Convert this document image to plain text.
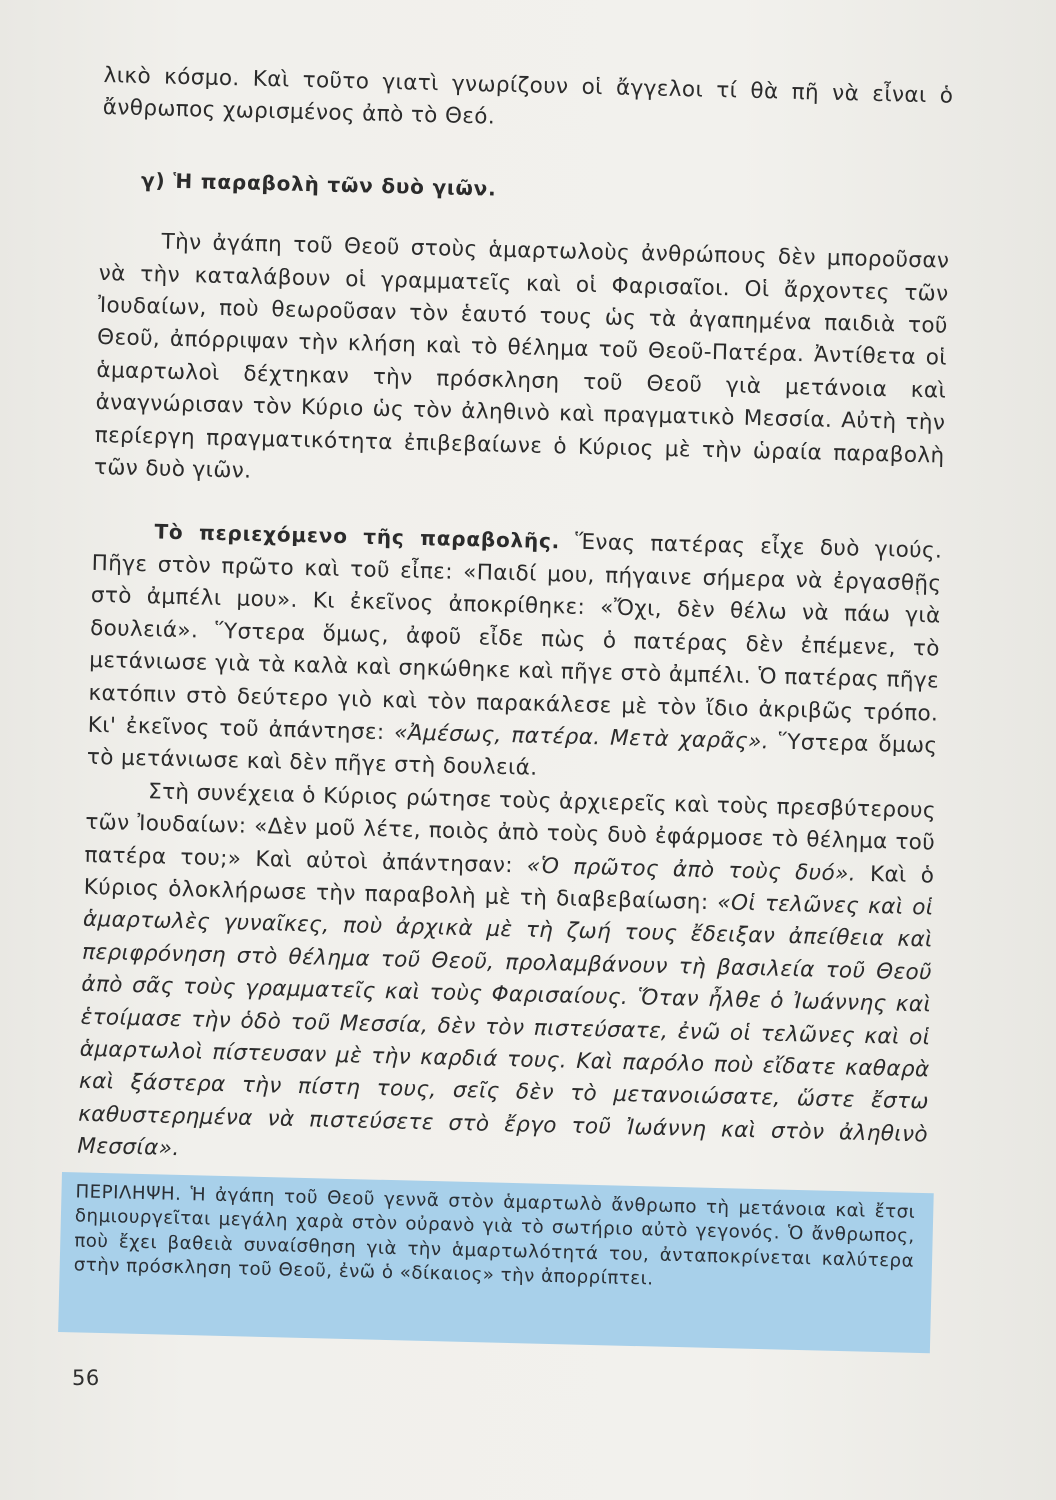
λικὸ κόσμο. Καὶ τοῦτο γιατὶ γνωρίζουν οἱ ἄγγελοι τί θὰ πῆ νὰ εἶναι ὁ ἄνθρωπος χωρισμένος ἀπὸ τὸ Θεό.

γ) Ἡ παραβολὴ τῶν δυὸ γιῶν.

Τὴν ἀγάπη τοῦ Θεοῦ στοὺς ἁμαρτωλοὺς ἀνθρώπους δὲν μποροῦσαν νὰ τὴν καταλάβουν οἱ γραμματεῖς καὶ οἱ Φαρισαῖοι. Οἱ ἄρχοντες τῶν Ἰουδαίων, ποὺ θεωροῦσαν τὸν ἑαυτό τους ὡς τὰ ἀγαπημένα παιδιὰ τοῦ Θεοῦ, ἀπόρριψαν τὴν κλήση καὶ τὸ θέλημα τοῦ Θεοῦ-Πατέρα. Ἀντίθετα οἱ ἁμαρτωλοὶ δέχτηκαν τὴν πρόσκληση τοῦ Θεοῦ γιὰ μετάνοια καὶ ἀναγνώρισαν τὸν Κύριο ὡς τὸν ἀληθινὸ καὶ πραγματικὸ Μεσσία. Αὐτὴ τὴν περίεργη πραγματικότητα ἐπιβεβαίωνε ὁ Κύριος μὲ τὴν ὡραία παραβολὴ τῶν δυὸ γιῶν.

Τὸ περιεχόμενο τῆς παραβολῆς. Ἕνας πατέρας εἶχε δυὸ γιούς. Πῆγε στὸν πρῶτο καὶ τοῦ εἶπε: «Παιδί μου, πήγαινε σήμερα νὰ ἐργασθῇς στὸ ἀμπέλι μου». Κι ἐκεῖνος ἀποκρίθηκε: «Ὄχι, δὲν θέλω νὰ πάω γιὰ δουλειά». Ὕστερα ὅμως, ἀφοῦ εἶδε πὼς ὁ πατέρας δὲν ἐπέμενε, τὸ μετάνιωσε γιὰ τὰ καλὰ καὶ σηκώθηκε καὶ πῆγε στὸ ἀμπέλι. Ὁ πατέρας πῆγε κατόπιν στὸ δεύτερο γιὸ καὶ τὸν παρακάλεσε μὲ τὸν ἴδιο ἀκριβῶς τρόπο. Κι' ἐκεῖνος τοῦ ἀπάντησε: «Ἀμέσως, πατέρα. Μετὰ χαρᾶς». Ὕστερα ὅμως τὸ μετάνιωσε καὶ δὲν πῆγε στὴ δουλειά.

Στὴ συνέχεια ὁ Κύριος ρώτησε τοὺς ἀρχιερεῖς καὶ τοὺς πρεσβύτερους τῶν Ἰουδαίων: «Δὲν μοῦ λέτε, ποιὸς ἀπὸ τοὺς δυὸ ἐφάρμοσε τὸ θέλημα τοῦ πατέρα του;» Καὶ αὐτοὶ ἀπάντησαν: «Ὁ πρῶτος ἀπὸ τοὺς δυό». Καὶ ὁ Κύριος ὁλοκλήρωσε τὴν παραβολὴ μὲ τὴ διαβεβαίωση: «Οἱ τελῶνες καὶ οἱ ἁμαρτωλὲς γυναῖκες, ποὺ ἀρχικὰ μὲ τὴ ζωή τους ἔδειξαν ἀπείθεια καὶ περιφρόνηση στὸ θέλημα τοῦ Θεοῦ, προλαμβάνουν τὴ βασιλεία τοῦ Θεοῦ ἀπὸ σᾶς τοὺς γραμματεῖς καὶ τοὺς Φαρισαίους. Ὅταν ἦλθε ὁ Ἰωάννης καὶ ἑτοίμασε τὴν ὁδὸ τοῦ Μεσσία, δὲν τὸν πιστεύσατε, ἐνῶ οἱ τελῶνες καὶ οἱ ἁμαρτωλοὶ πίστευσαν μὲ τὴν καρδιά τους. Καὶ παρόλο ποὺ εἴδατε καθαρὰ καὶ ξάστερα τὴν πίστη τους, σεῖς δὲν τὸ μετανοιώσατε, ὥστε ἔστω καθυστερημένα νὰ πιστεύσετε στὸ ἔργο τοῦ Ἰωάννη καὶ στὸν ἀληθινὸ Μεσσία».

ΠΕΡΙΛΗΨΗ. Ἡ ἀγάπη τοῦ Θεοῦ γεννᾶ στὸν ἁμαρτωλὸ ἄνθρωπο τὴ μετάνοια καὶ ἔτσι δημιουργεῖται μεγάλη χαρὰ στὸν οὐρανὸ γιὰ τὸ σωτήριο αὐτὸ γεγονός. Ὁ ἄνθρωπος, ποὺ ἔχει βαθειὰ συναίσθηση γιὰ τὴν ἁμαρτωλότητά του, ἀνταποκρίνεται καλύτερα στὴν πρόσκληση τοῦ Θεοῦ, ἐνῶ ὁ «δίκαιος» τὴν ἀπορρίπτει.

56
